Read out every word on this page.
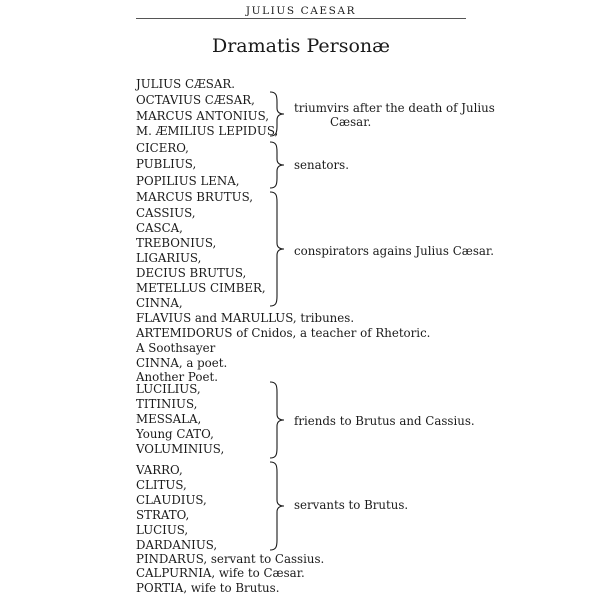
JULIUS CAESAR
Dramatis Personæ
JULIUS CÆSAR.
OCTAVIUS CÆSAR,
MARCUS ANTONIUS,
M. ÆMILIUS LEPIDUS,
CICERO,
PUBLIUS,
POPILIUS LENA,
MARCUS BRUTUS,
CASSIUS,
CASCA,
TREBONIUS,
LIGARIUS,
DECIUS BRUTUS,
METELLUS CIMBER,
CINNA,
FLAVIUS and MARULLUS, tribunes.
ARTEMIDORUS of Cnidos, a teacher of Rhetoric.
A Soothsayer
CINNA, a poet.
Another Poet.
LUCILIUS,
TITINIUS,
MESSALA,
Young CATO,
VOLUMINIUS,
VARRO,
CLITUS,
CLAUDIUS,
STRATO,
LUCIUS,
DARDANIUS,
PINDARUS, servant to Cassius.
CALPURNIA, wife to Cæsar.
PORTIA, wife to Brutus.
triumvirs after the death of Julius
Cæsar.
senators.
conspirators agains Julius Cæsar.
friends to Brutus and Cassius.
servants to Brutus.
